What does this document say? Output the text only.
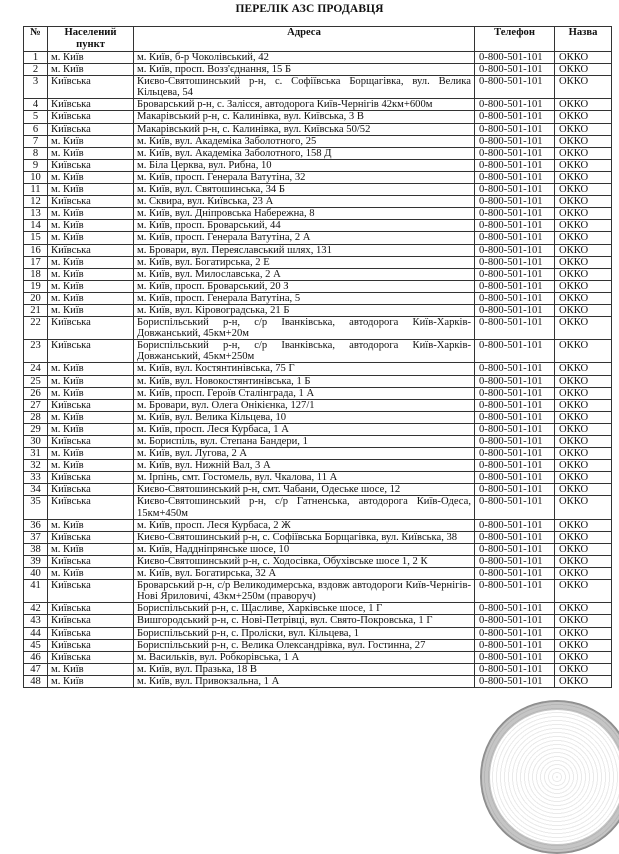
ПЕРЕЛІК АЗС ПРОДАВЦЯ
№	Населений пункт	Адреса	Телефон	Назва
1	м. Київ	м. Київ, б-р Чоколівський, 42	0-800-501-101	ОККО
2	м. Київ	м. Київ, просп. Возз'єднання, 15 Б	0-800-501-101	ОККО
3	Київська	Києво-Святошинський р-н, с. Софіївська Борщагівка, вул. Велика Кільцева, 54	0-800-501-101	ОККО
4	Київська	Броварський р-н, с. Залісся, автодорога Київ-Чернігів 42км+600м	0-800-501-101	ОККО
5	Київська	Макарівський р-н, с. Калинівка, вул. Київська, 3 В	0-800-501-101	ОККО
6	Київська	Макарівський р-н, с. Калинівка, вул. Київська 50/52	0-800-501-101	ОККО
7	м. Київ	м. Київ, вул. Академіка Заболотного, 25	0-800-501-101	ОККО
8	м. Київ	м. Київ, вул. Академіка Заболотного, 158 Д	0-800-501-101	ОККО
9	Київська	м. Біла Церква, вул. Рибна, 10	0-800-501-101	ОККО
10	м. Київ	м. Київ, просп. Генерала Ватутіна, 32	0-800-501-101	ОККО
11	м. Київ	м. Київ, вул. Святошинська, 34 Б	0-800-501-101	ОККО
12	Київська	м. Сквира, вул. Київська, 23 А	0-800-501-101	ОККО
13	м. Київ	м. Київ, вул. Дніпровська Набережна, 8	0-800-501-101	ОККО
14	м. Київ	м. Київ, просп. Броварський, 44	0-800-501-101	ОККО
15	м. Київ	м. Київ, просп. Генерала Ватутіна, 2 А	0-800-501-101	ОККО
16	Київська	м. Бровари, вул. Переяславський шлях, 131	0-800-501-101	ОККО
17	м. Київ	м. Київ, вул. Богатирська, 2 Е	0-800-501-101	ОККО
18	м. Київ	м. Київ, вул. Милославська, 2 А	0-800-501-101	ОККО
19	м. Київ	м. Київ, просп. Броварський, 20 З	0-800-501-101	ОККО
20	м. Київ	м. Київ, просп. Генерала Ватутіна, 5	0-800-501-101	ОККО
21	м. Київ	м. Київ, вул. Кіровоградська, 21 Б	0-800-501-101	ОККО
22	Київська	Бориспільський р-н, с/р Іванківська, автодорога Київ-Харків-Довжанський, 45км+20м	0-800-501-101	ОККО
23	Київська	Бориспільський р-н, с/р Іванківська, автодорога Київ-Харків-Довжанський, 45км+250м	0-800-501-101	ОККО
24	м. Київ	м. Київ, вул. Костянтинівська, 75 Г	0-800-501-101	ОККО
25	м. Київ	м. Київ, вул. Новокостянтинівська, 1 Б	0-800-501-101	ОККО
26	м. Київ	м. Київ, просп. Героїв Сталінграда, 1 А	0-800-501-101	ОККО
27	Київська	м. Бровари, вул. Олега Онікієнка, 127/1	0-800-501-101	ОККО
28	м. Київ	м. Київ, вул. Велика Кільцева, 10	0-800-501-101	ОККО
29	м. Київ	м. Київ, просп. Леся Курбаса, 1 А	0-800-501-101	ОККО
30	Київська	м. Бориспіль, вул. Степана Бандери, 1	0-800-501-101	ОККО
31	м. Київ	м. Київ, вул. Лугова, 2 А	0-800-501-101	ОККО
32	м. Київ	м. Київ, вул. Нижній Вал, 3 А	0-800-501-101	ОККО
33	Київська	м. Ірпінь, смт. Гостомель, вул. Чкалова, 11 А	0-800-501-101	ОККО
34	Київська	Києво-Святошинський р-н, смт. Чабани, Одеське шосе, 12	0-800-501-101	ОККО
35	Київська	Києво-Святошинський р-н, с/р Гатненська, автодорога Київ-Одеса, 15км+450м	0-800-501-101	ОККО
36	м. Київ	м. Київ, просп. Леся Курбаса, 2 Ж	0-800-501-101	ОККО
37	Київська	Києво-Святошинський р-н, с. Софіївська Борщагівка, вул. Київська, 38	0-800-501-101	ОККО
38	м. Київ	м. Київ, Наддніпрянське шосе, 10	0-800-501-101	ОККО
39	Київська	Києво-Святошинський р-н, с. Ходосівка, Обухівське шосе 1, 2 К	0-800-501-101	ОККО
40	м. Київ	м. Київ, вул. Богатирська, 32 А	0-800-501-101	ОККО
41	Київська	Броварський р-н, с/р Великодимерська, вздовж автодороги Київ-Чернігів-Нові Яриловичі, 43км+250м (праворуч)	0-800-501-101	ОККО
42	Київська	Бориспільський р-н, с. Щасливе, Харківське шосе, 1 Г	0-800-501-101	ОККО
43	Київська	Вишгородський р-н, с. Нові-Петрівці, вул. Свято-Покровська, 1 Г	0-800-501-101	ОККО
44	Київська	Бориспільський р-н, с. Проліски, вул. Кільцева, 1	0-800-501-101	ОККО
45	Київська	Бориспільський р-н, с. Велика Олександрівка, вул. Гостинна, 27	0-800-501-101	ОККО
46	Київська	м. Васильків, вул. Робкорівська, 1 А	0-800-501-101	ОККО
47	м. Київ	м. Київ, вул. Празька, 18 В	0-800-501-101	ОККО
48	м. Київ	м. Київ, вул. Привокзальна, 1 А	0-800-501-101	ОККО
